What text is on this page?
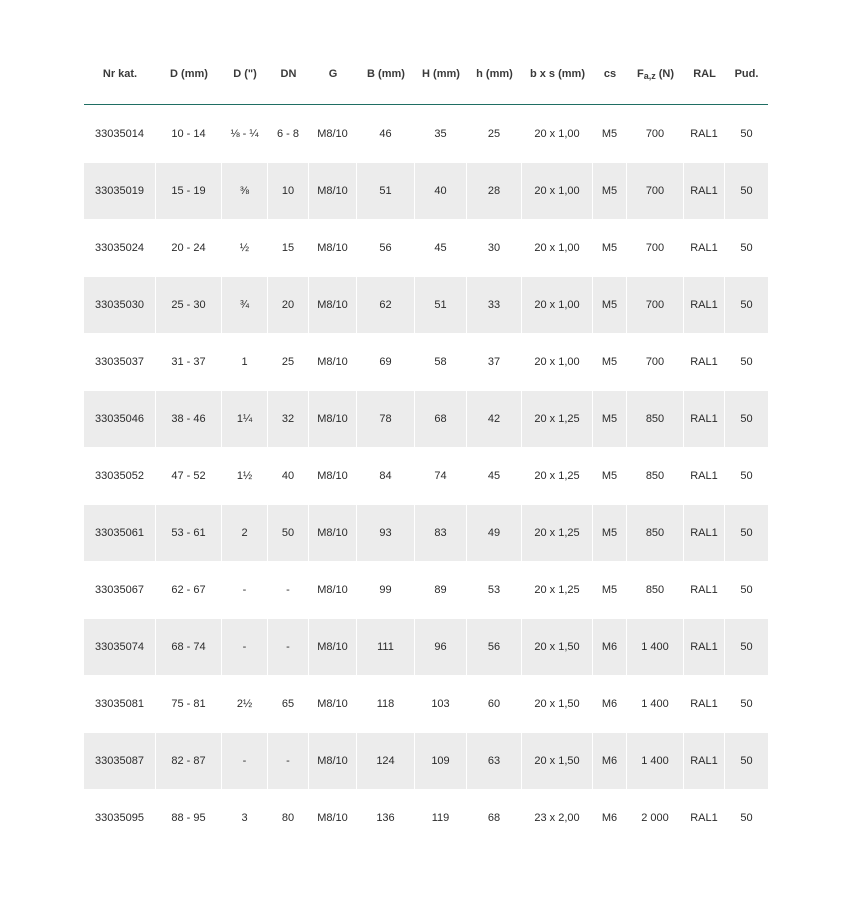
Nr kat.	D (mm)	D (")	DN	G	B (mm)	H (mm)	h (mm)	b x s (mm)	cs	$F_{a,z}$ (N)	RAL	Pud.
33035014	10 - 14	⅛ - ¼	6 - 8	M8/10	46	35	25	20 x 1,00	M5	700	RAL1	50
33035019	15 - 19	⅜	10	M8/10	51	40	28	20 x 1,00	M5	700	RAL1	50
33035024	20 - 24	½	15	M8/10	56	45	30	20 x 1,00	M5	700	RAL1	50
33035030	25 - 30	¾	20	M8/10	62	51	33	20 x 1,00	M5	700	RAL1	50
33035037	31 - 37	1	25	M8/10	69	58	37	20 x 1,00	M5	700	RAL1	50
33035046	38 - 46	1¼	32	M8/10	78	68	42	20 x 1,25	M5	850	RAL1	50
33035052	47 - 52	1½	40	M8/10	84	74	45	20 x 1,25	M5	850	RAL1	50
33035061	53 - 61	2	50	M8/10	93	83	49	20 x 1,25	M5	850	RAL1	50
33035067	62 - 67	-	-	M8/10	99	89	53	20 x 1,25	M5	850	RAL1	50
33035074	68 - 74	-	-	M8/10	111	96	56	20 x 1,50	M6	1 400	RAL1	50
33035081	75 - 81	2½	65	M8/10	118	103	60	20 x 1,50	M6	1 400	RAL1	50
33035087	82 - 87	-	-	M8/10	124	109	63	20 x 1,50	M6	1 400	RAL1	50
33035095	88 - 95	3	80	M8/10	136	119	68	23 x 2,00	M6	2 000	RAL1	50
